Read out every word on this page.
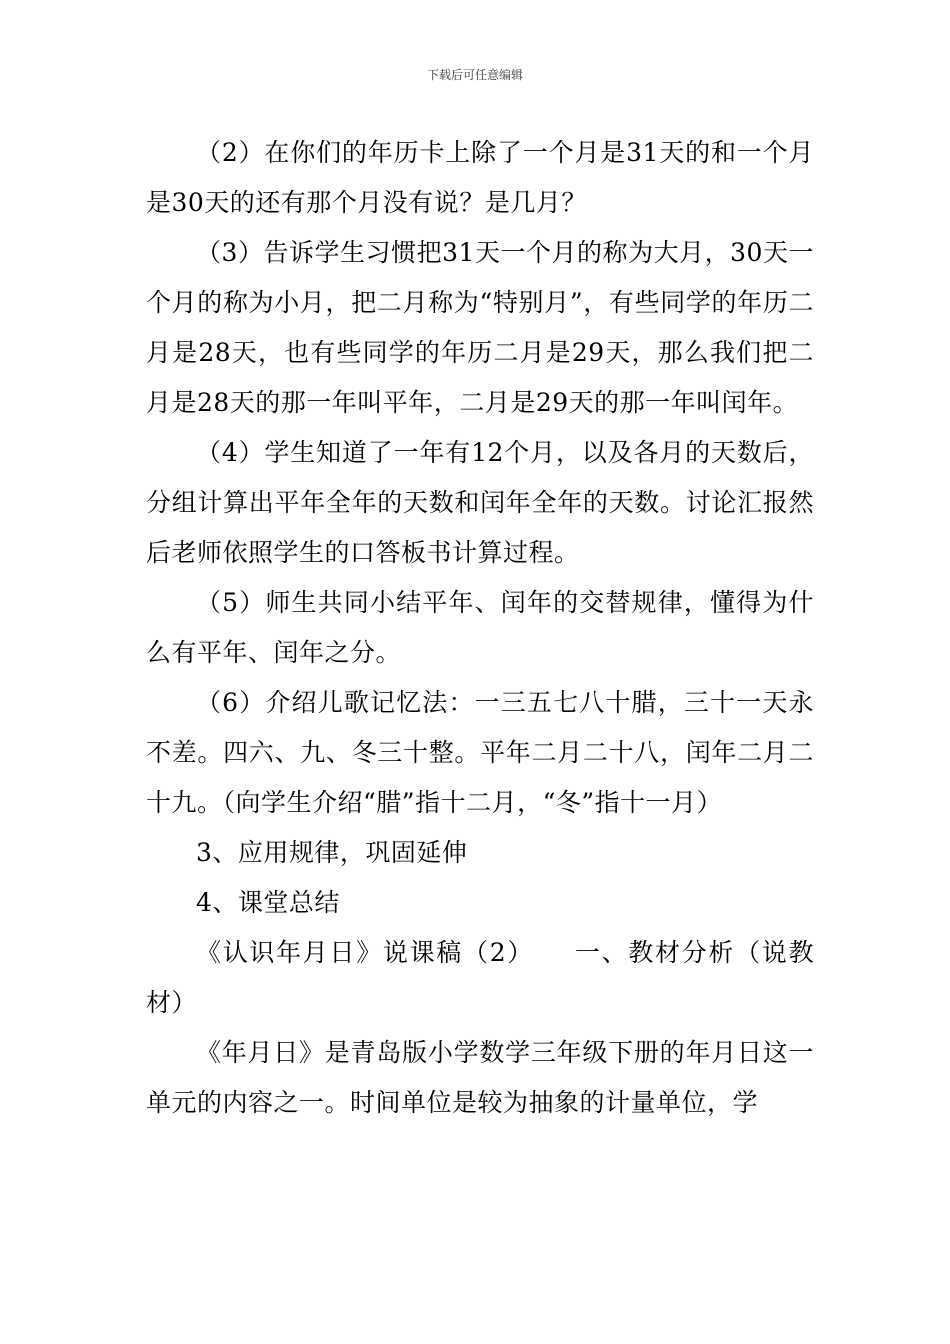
下载后可任意编辑

（2）在你们的年历卡上除了一个月是31天的和一个月是30天的还有那个月没有说？是几月？

（3）告诉学生习惯把31天一个月的称为大月，30天一个月的称为小月，把二月称为“特别月”，有些同学的年历二月是28天，也有些同学的年历二月是29天，那么我们把二月是28天的那一年叫平年，二月是29天的那一年叫闰年。

（4）学生知道了一年有12个月，以及各月的天数后，分组计算出平年全年的天数和闰年全年的天数。讨论汇报然后老师依照学生的口答板书计算过程。

（5）师生共同小结平年、闰年的交替规律，懂得为什么有平年、闰年之分。

（6）介绍儿歌记忆法：一三五七八十腊，三十一天永不差。四六、九、冬三十整。平年二月二十八，闰年二月二十九。（向学生介绍“腊”指十二月，“冬”指十一月）

3、应用规律，巩固延伸

4、课堂总结

《认识年月日》说课稿（2）　　一、教材分析（说教材）

《年月日》是青岛版小学数学三年级下册的年月日这一单元的内容之一。时间单位是较为抽象的计量单位，学
